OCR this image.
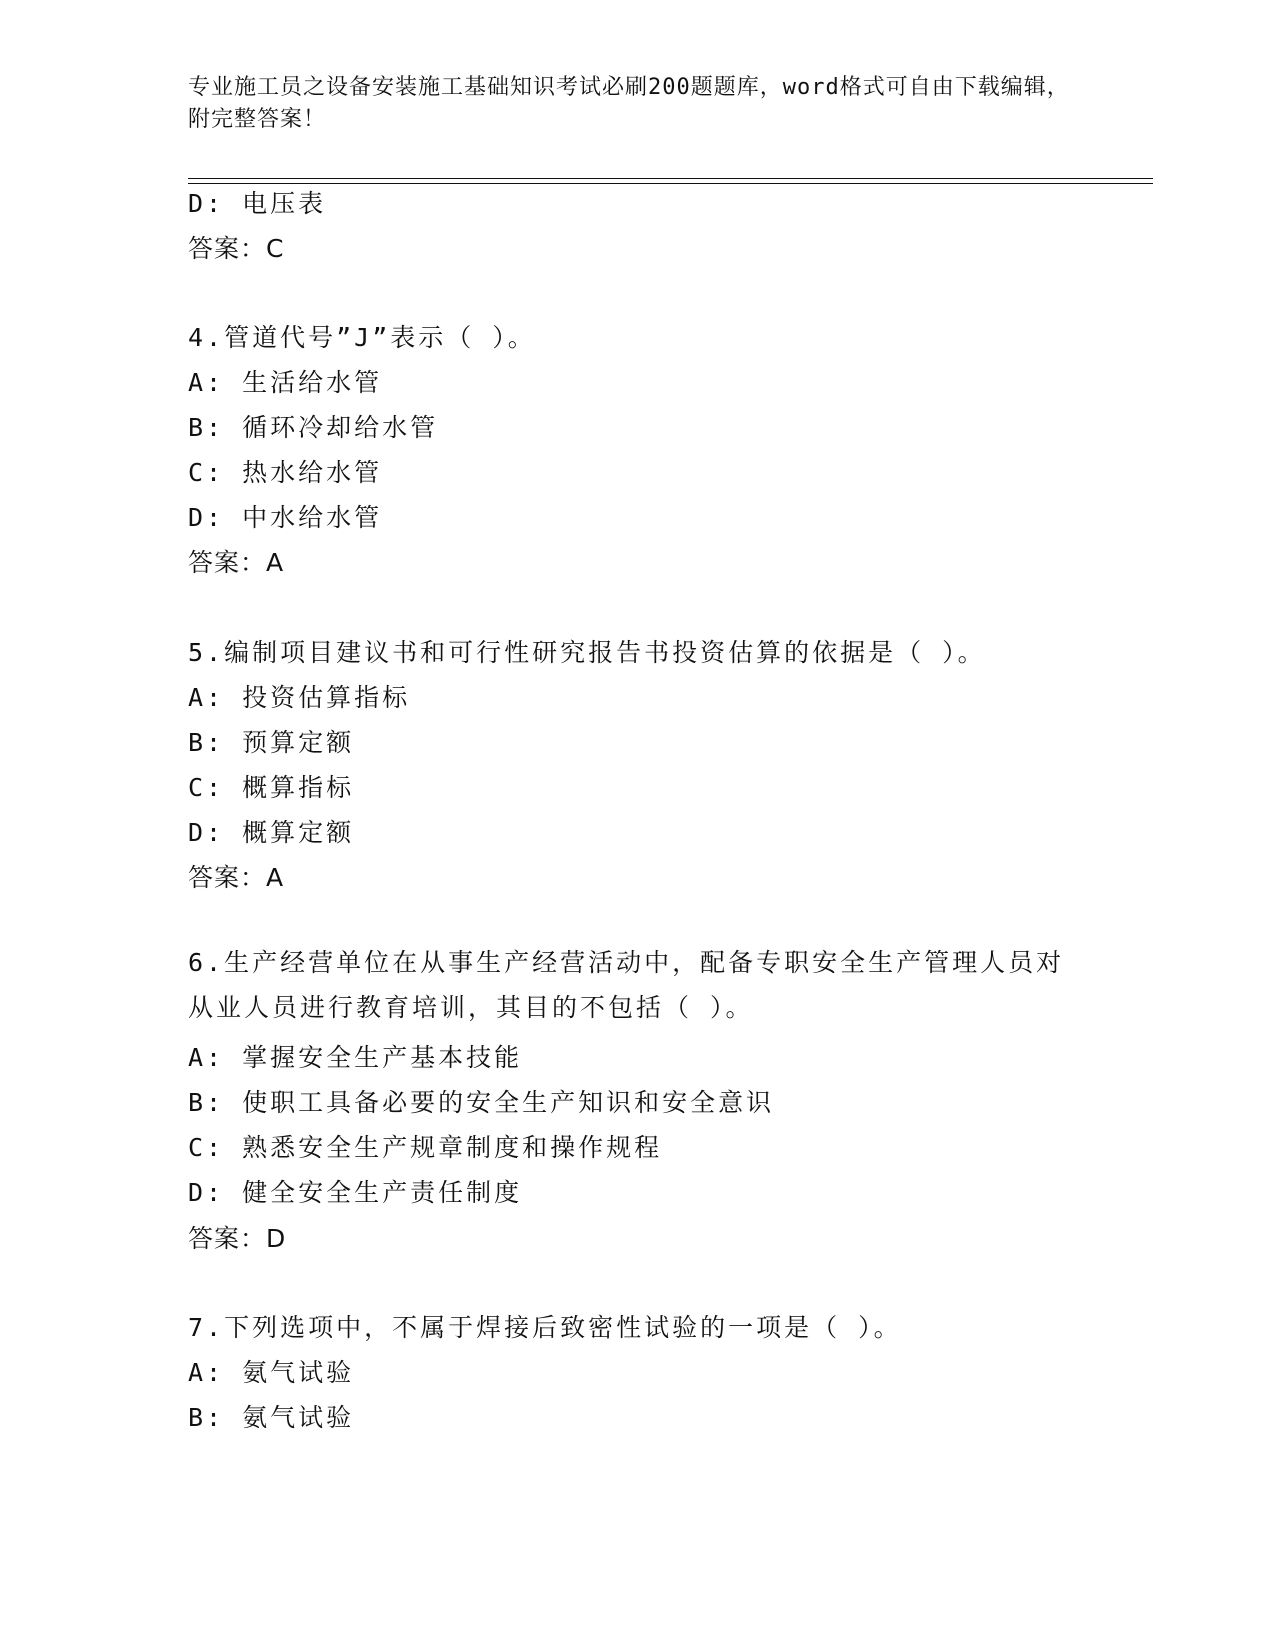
专业施工员之设备安装施工基础知识考试必刷200题题库，word格式可自由下载编辑，附完整答案！
D: 电压表
答案：C
4.管道代号”J”表示（ ）。
A: 生活给水管
B: 循环冷却给水管
C: 热水给水管
D: 中水给水管
答案：A
5.编制项目建议书和可行性研究报告书投资估算的依据是（ ）。
A: 投资估算指标
B: 预算定额
C: 概算指标
D: 概算定额
答案：A
6.生产经营单位在从事生产经营活动中，配备专职安全生产管理人员对从业人员进行教育培训，其目的不包括（ ）。
A: 掌握安全生产基本技能
B: 使职工具备必要的安全生产知识和安全意识
C: 熟悉安全生产规章制度和操作规程
D: 健全安全生产责任制度
答案：D
7.下列选项中，不属于焊接后致密性试验的一项是（ ）。
A: 氨气试验
B: 氨气试验
